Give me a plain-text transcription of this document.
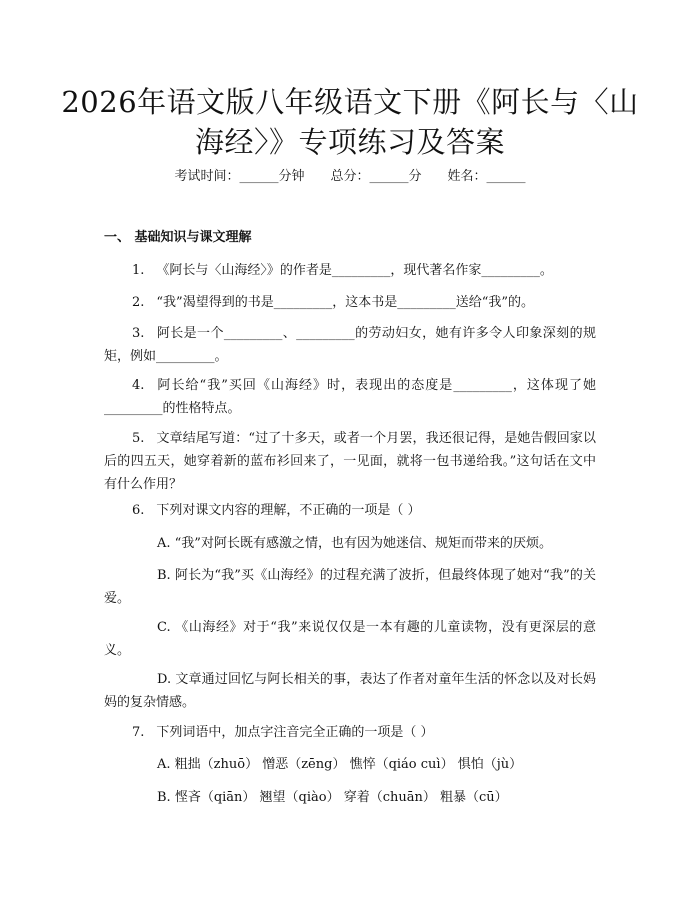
2026年语文版八年级语文下册《阿长与〈山海经〉》专项练习及答案
考试时间：______分钟 总分：______分 姓名：______
一、 基础知识与课文理解
1. 《阿长与〈山海经〉》的作者是_________，现代著名作家_________。
2. “我”渴望得到的书是_________，这本书是_________送给“我”的。
3. 阿长是一个_________、_________的劳动妇女，她有许多令人印象深刻的规矩，例如_________。
4. 阿长给“我”买回《山海经》时，表现出的态度是_________，这体现了她_________的性格特点。
5. 文章结尾写道：“过了十多天，或者一个月罢，我还很记得，是她告假回家以后的四五天，她穿着新的蓝布衫回来了，一见面，就将一包书递给我。”这句话在文中有什么作用？
6. 下列对课文内容的理解，不正确的一项是（ ）
A. “我”对阿长既有感激之情，也有因为她迷信、规矩而带来的厌烦。
B. 阿长为“我”买《山海经》的过程充满了波折，但最终体现了她对“我”的关爱。
C. 《山海经》对于“我”来说仅仅是一本有趣的儿童读物，没有更深层的意义。
D. 文章通过回忆与阿长相关的事，表达了作者对童年生活的怀念以及对长妈妈的复杂情感。
7. 下列词语中，加点字注音完全正确的一项是（ ）
A. 粗拙（zhuō） 憎恶（zēng） 憔悴（qiáo cuì） 惧怕（jù）
B. 悭吝（qiān） 翘望（qiào） 穿着（chuān） 粗暴（cū）
